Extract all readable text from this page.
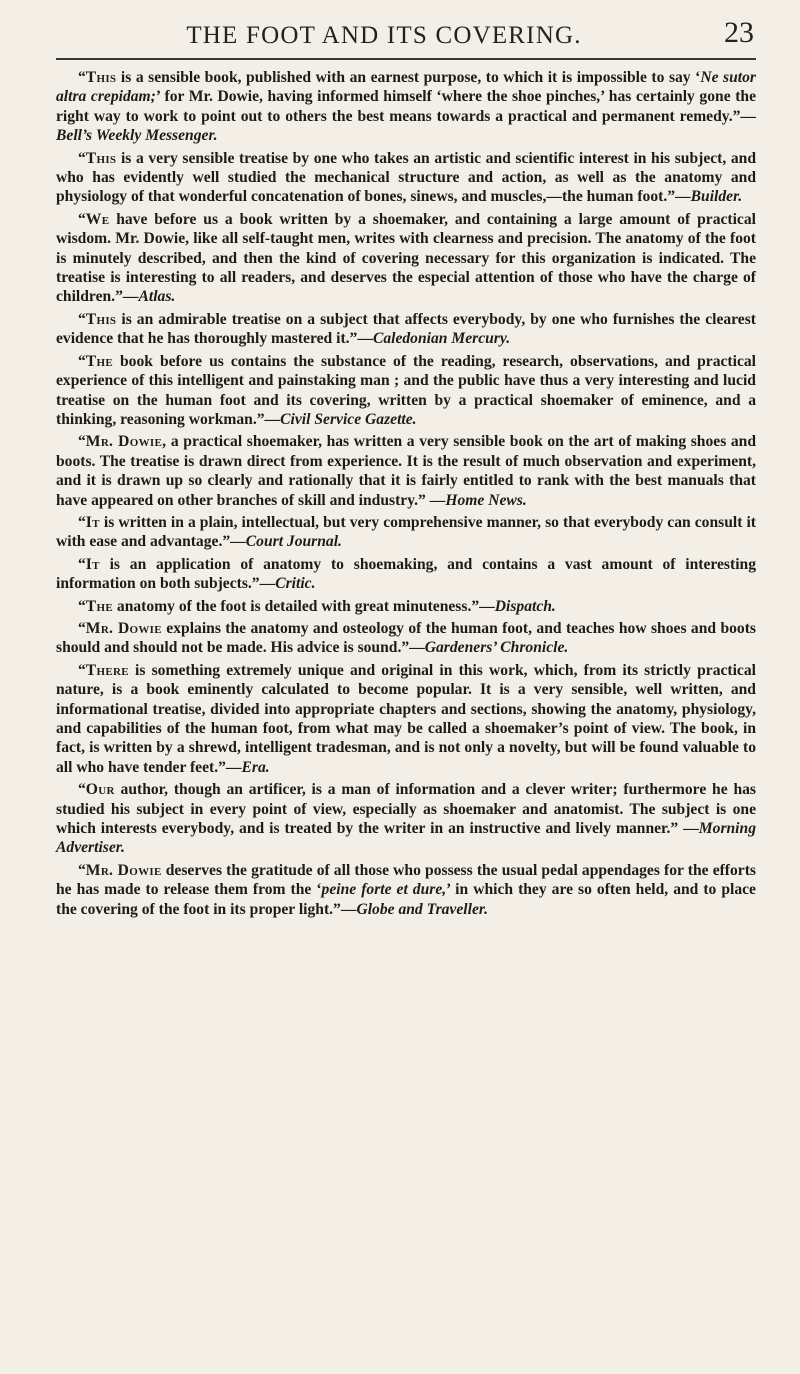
THE FOOT AND ITS COVERING.	23

“This is a sensible book, published with an earnest purpose, to which it is impossible to say ‘Ne sutor altra crepidam;’ for Mr. Dowie, having informed himself ‘where the shoe pinches,’ has certainly gone the right way to work to point out to others the best means towards a practical and permanent remedy.”—Bell’s Weekly Messenger.

“This is a very sensible treatise by one who takes an artistic and scientific interest in his subject, and who has evidently well studied the mechanical structure and action, as well as the anatomy and physiology of that wonderful concatenation of bones, sinews, and muscles,—the human foot.”—Builder.

“We have before us a book written by a shoemaker, and containing a large amount of practical wisdom. Mr. Dowie, like all self-taught men, writes with clearness and precision. The anatomy of the foot is minutely described, and then the kind of covering necessary for this organization is indicated. The treatise is interesting to all readers, and deserves the especial attention of those who have the charge of children.”—Atlas.

“This is an admirable treatise on a subject that affects everybody, by one who furnishes the clearest evidence that he has thoroughly mastered it.”—Caledonian Mercury.

“The book before us contains the substance of the reading, research, observations, and practical experience of this intelligent and painstaking man ; and the public have thus a very interesting and lucid treatise on the human foot and its covering, written by a practical shoemaker of eminence, and a thinking, reasoning workman.”—Civil Service Gazette.

“Mr. Dowie, a practical shoemaker, has written a very sensible book on the art of making shoes and boots. The treatise is drawn direct from experience. It is the result of much observation and experiment, and it is drawn up so clearly and rationally that it is fairly entitled to rank with the best manuals that have appeared on other branches of skill and industry.” —Home News.

“It is written in a plain, intellectual, but very comprehensive manner, so that everybody can consult it with ease and advantage.”—Court Journal.

“It is an application of anatomy to shoemaking, and contains a vast amount of interesting information on both subjects.”—Critic.

“The anatomy of the foot is detailed with great minuteness.”—Dispatch.

“Mr. Dowie explains the anatomy and osteology of the human foot, and teaches how shoes and boots should and should not be made. His advice is sound.”—Gardeners’ Chronicle.

“There is something extremely unique and original in this work, which, from its strictly practical nature, is a book eminently calculated to become popular. It is a very sensible, well written, and informational treatise, divided into appropriate chapters and sections, showing the anatomy, physiology, and capabilities of the human foot, from what may be called a shoemaker’s point of view. The book, in fact, is written by a shrewd, intelligent tradesman, and is not only a novelty, but will be found valuable to all who have tender feet.”—Era.

“Our author, though an artificer, is a man of information and a clever writer; furthermore he has studied his subject in every point of view, especially as shoemaker and anatomist. The subject is one which interests everybody, and is treated by the writer in an instructive and lively manner.” —Morning Advertiser.

“Mr. Dowie deserves the gratitude of all those who possess the usual pedal appendages for the efforts he has made to release them from the ‘peine forte et dure,’ in which they are so often held, and to place the covering of the foot in its proper light.”—Globe and Traveller.
